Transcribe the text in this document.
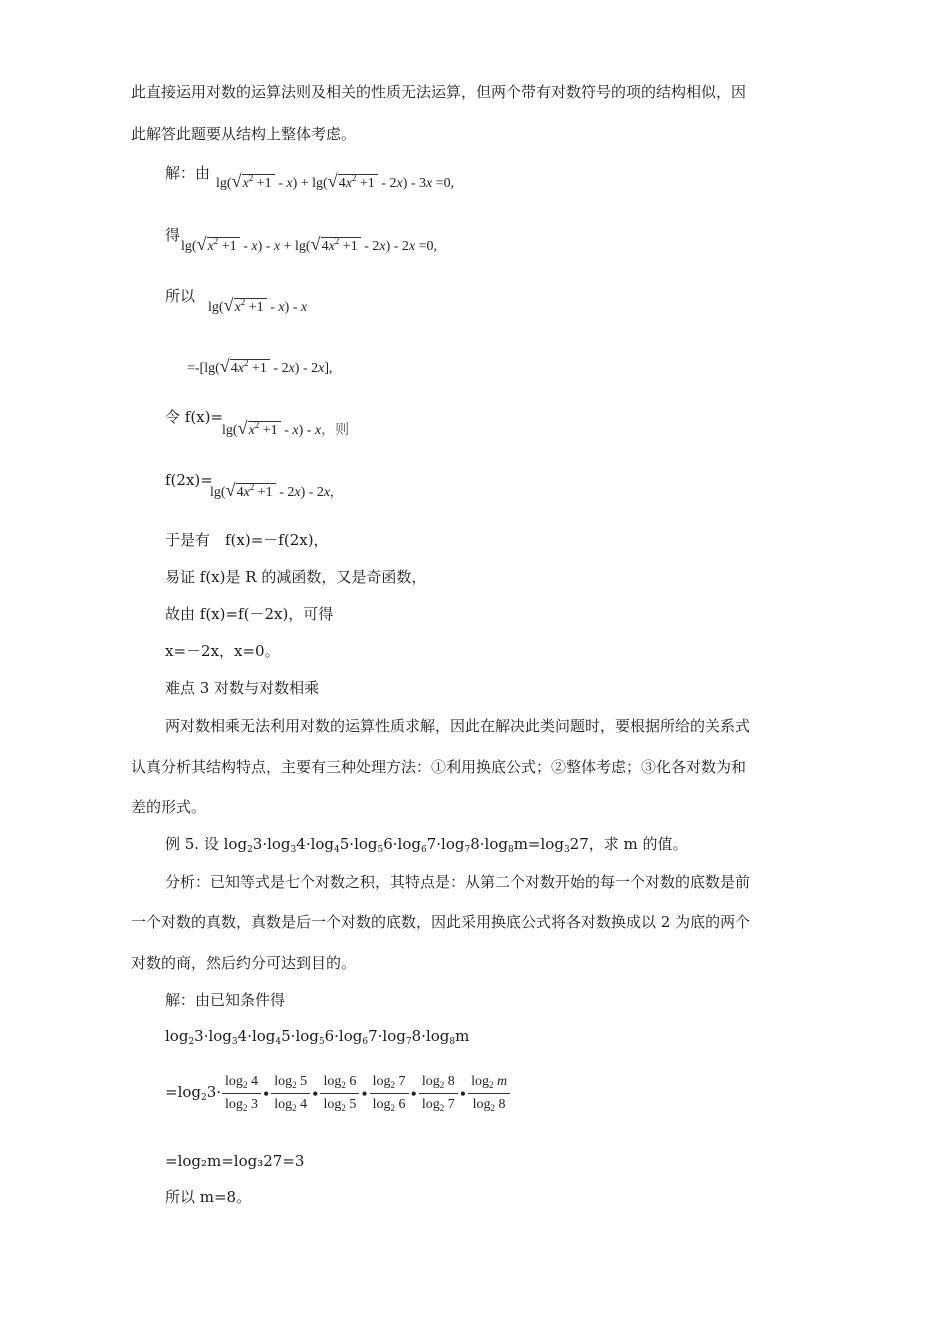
此直接运用对数的运算法则及相关的性质无法运算，但两个带有对数符号的项的结构相似，因
此解答此题要从结构上整体考虑。
解：由
lg(√ $x^2 +1 - x) + \lg(√$ $4x^2 +1 - 2x) - 3x =0$,
得
lg(√ $x^2 +1 - x) - x + \lg(√$ $4x^2 +1 - 2x) - 2x =0$,
所以
lg(√ $x^2 +1 - x) - x$
=-[lg(√ $4x^2 +1 - 2x) - 2x$],
令 f(x)=
lg(√ $x^2 +1 - x) - x$，则
f(2x)=
lg(√ $4x^2 +1 - 2x) - 2x$,
于是有　f(x)=－f(2x)，
易证 f(x)是 R 的减函数，又是奇函数，
故由 f(x)=f(－2x)，可得
x=－2x，x=0。
难点 3 对数与对数相乘
两对数相乘无法利用对数的运算性质求解，因此在解决此类问题时，要根据所给的关系式
认真分析其结构特点，主要有三种处理方法：①利用换底公式；②整体考虑；③化各对数为和
差的形式。
例 5. 设 $\log_23\cdot\log_34\cdot\log_45\cdot\log_56\cdot\log_67\cdot\log_78\cdot\log_8m=\log_327$，求 m 的值。
分析：已知等式是七个对数之积，其特点是：从第二个对数开始的每一个对数的底数是前
一个对数的真数，真数是后一个对数的底数，因此采用换底公式将各对数换成以 2 为底的两个
对数的商，然后约分可达到目的。
解：由已知条件得
$\log_23\cdot\log_34\cdot\log_45\cdot\log_56\cdot\log_67\cdot\log_78\cdot\log_8m$
$=\log_23\cdot \frac{\log_2 4}{\log_2 3}$ • $\frac{\log_2 5}{\log_2 4}$ • $\frac{\log_2 6}{\log_2 5}$ • $\frac{\log_2 7}{\log_2 6}$ • $\frac{\log_2 8}{\log_2 7}$ • $\frac{\log_2 m}{\log_2 8}$
=log₂m=log₃27=3
所以 m=8。
